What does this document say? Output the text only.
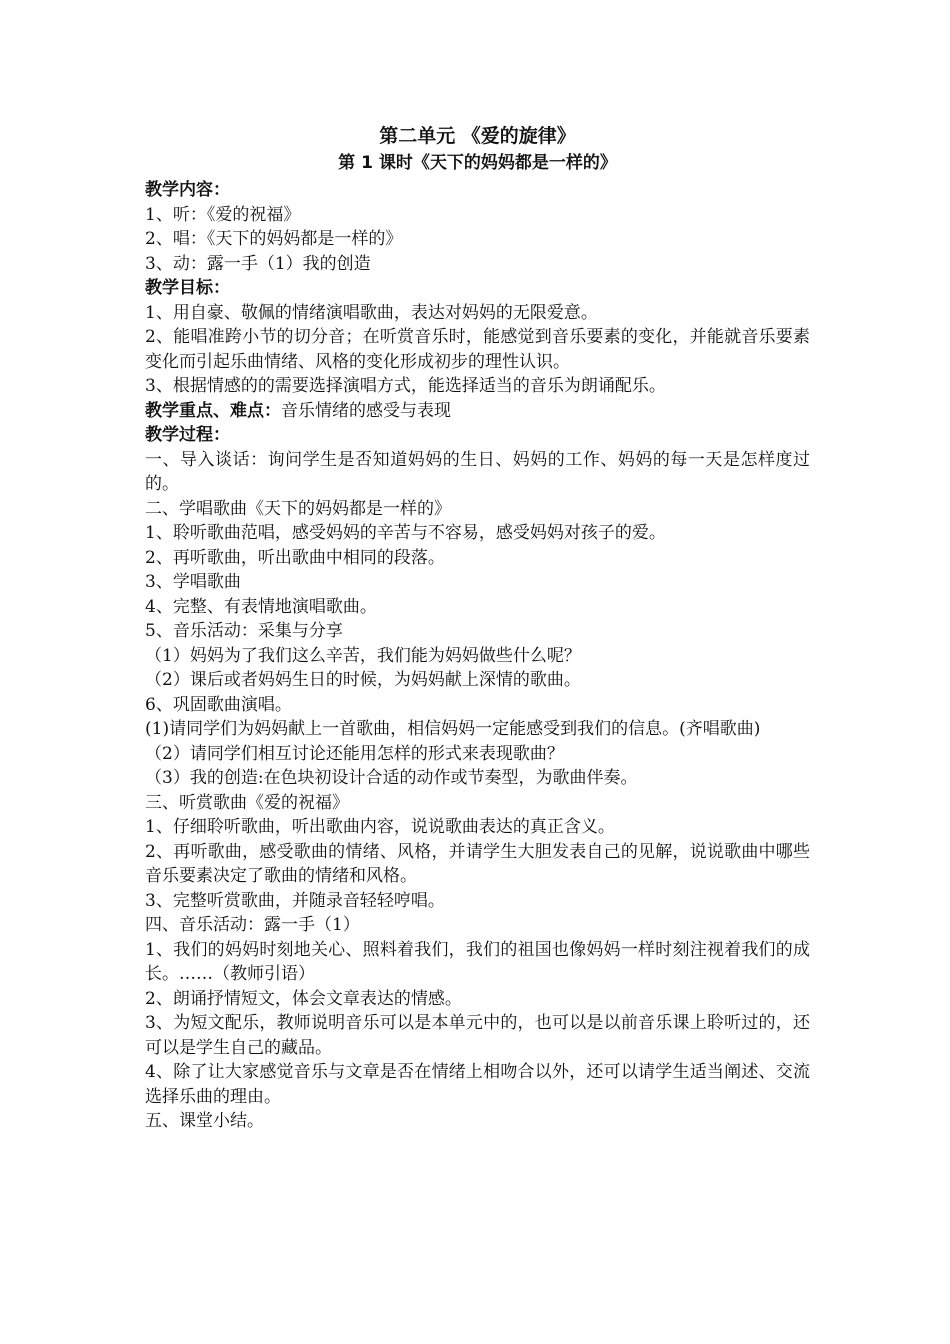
第二单元 《爱的旋律》

第 1 课时《天下的妈妈都是一样的》

教学内容：

1、听：《爱的祝福》

2、唱：《天下的妈妈都是一样的》

3、动：露一手（1）我的创造

教学目标：

1、用自豪、敬佩的情绪演唱歌曲，表达对妈妈的无限爱意。

2、能唱准跨小节的切分音；在听赏音乐时，能感觉到音乐要素的变化，并能就音乐要素变化而引起乐曲情绪、风格的变化形成初步的理性认识。

3、根据情感的的需要选择演唱方式，能选择适当的音乐为朗诵配乐。

教学重点、难点：音乐情绪的感受与表现

教学过程：

一、导入谈话：询问学生是否知道妈妈的生日、妈妈的工作、妈妈的每一天是怎样度过的。

二、学唱歌曲《天下的妈妈都是一样的》

1、聆听歌曲范唱，感受妈妈的辛苦与不容易，感受妈妈对孩子的爱。

2、再听歌曲，听出歌曲中相同的段落。

3、学唱歌曲

4、完整、有表情地演唱歌曲。

5、音乐活动：采集与分享

（1）妈妈为了我们这么辛苦，我们能为妈妈做些什么呢？

（2）课后或者妈妈生日的时候，为妈妈献上深情的歌曲。

6、巩固歌曲演唱。

(1)请同学们为妈妈献上一首歌曲，相信妈妈一定能感受到我们的信息。(齐唱歌曲)

（2）请同学们相互讨论还能用怎样的形式来表现歌曲？

（3）我的创造:在色块初设计合适的动作或节奏型，为歌曲伴奏。

三、听赏歌曲《爱的祝福》

1、仔细聆听歌曲，听出歌曲内容，说说歌曲表达的真正含义。

2、再听歌曲，感受歌曲的情绪、风格，并请学生大胆发表自己的见解，说说歌曲中哪些音乐要素决定了歌曲的情绪和风格。

3、完整听赏歌曲，并随录音轻轻哼唱。

四、音乐活动：露一手（1）

1、我们的妈妈时刻地关心、照料着我们，我们的祖国也像妈妈一样时刻注视着我们的成长。……（教师引语）

2、朗诵抒情短文，体会文章表达的情感。

3、为短文配乐，教师说明音乐可以是本单元中的，也可以是以前音乐课上聆听过的，还可以是学生自己的藏品。

4、除了让大家感觉音乐与文章是否在情绪上相吻合以外，还可以请学生适当阐述、交流选择乐曲的理由。

五、课堂小结。
